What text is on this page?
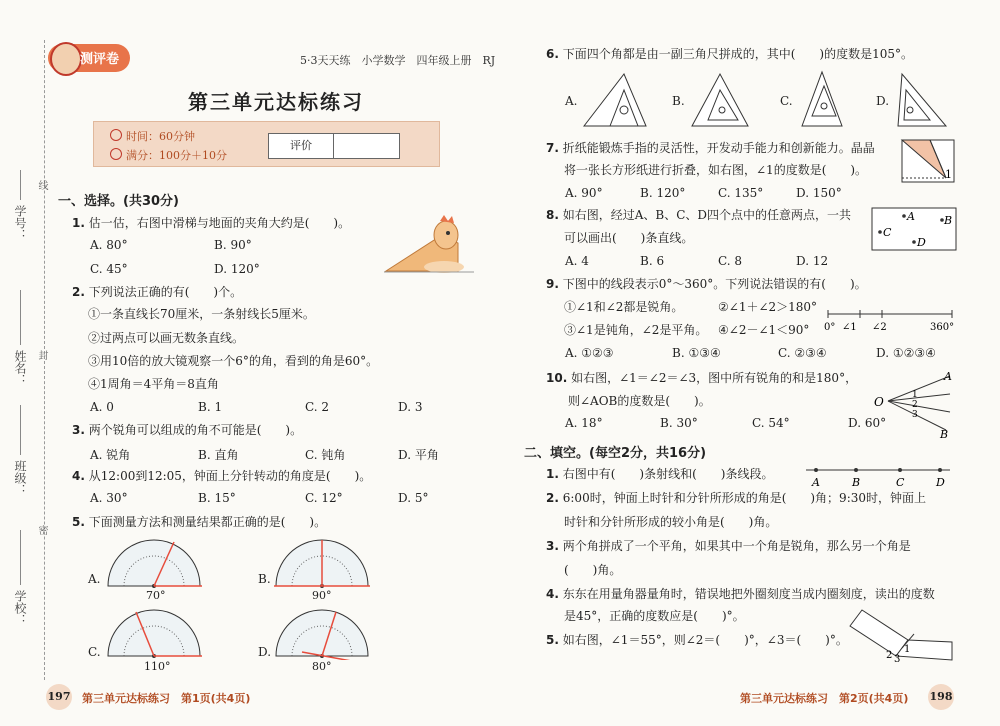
学号：
姓名：
班级：
学校：
线
封
密
测评卷	5·3天天练　小学数学　四年级上册　RJ
第三单元达标练习
时间：60分钟
满分：100分＋10分
评价
一、选择。(共30分)
1. 估一估，右图中滑梯与地面的夹角大约是(　　)。
A. 80°	B. 90°
C. 45°	D. 120°
2. 下列说法正确的有(　　)个。
①一条直线长70厘米，一条射线长5厘米。
②过两点可以画无数条直线。
③用10倍的放大镜观察一个6°的角，看到的角是60°。
④1周角＝4平角＝8直角
A. 0	B. 1	C. 2	D. 3
3. 两个锐角可以组成的角不可能是(　　)。
A. 锐角	B. 直角	C. 钝角	D. 平角
4. 从12:00到12:05，钟面上分针转动的角度是(　　)。
A. 30°	B. 15°	C. 12°	D. 5°
5. 下面测量方法和测量结果都正确的是(　　)。
A.
70°
B.
90°
C.
110°
D.
80°
6. 下面四个角都是由一副三角尺拼成的，其中(　　)的度数是105°。
A.	B.	C.	D.
7. 折纸能锻炼手指的灵活性，开发动手能力和创新能力。晶晶
将一张长方形纸进行折叠，如右图，∠1的度数是(　　)。
A. 90°	B. 120°	C. 135°	D. 150°
1
8. 如右图，经过A、B、C、D四个点中的任意两点，一共
可以画出(　　)条直线。
A. 4	B. 6	C. 8	D. 12
A	B
C
D
9. 下图中的线段表示0°～360°。下列说法错误的有(　　)。
①∠1和∠2都是锐角。	②∠1＋∠2＞180°
③∠1是钝角，∠2是平角。 ④∠2－∠1＜90° 0° ∠1 ∠2	360°
A. ①②③	B. ①③④	C. ②③④	D. ①②③④
10. 如右图，∠1＝∠2＝∠3，图中所有锐角的和是180°，
则∠AOB的度数是(　　)。
A. 18°	B. 30°	C. 54°	D. 60°
O
A
B
1
2
3
二、填空。(每空2分，共16分)
1. 右图中有(　　)条射线和(　　)条线段。
A	B	C	D
2. 6:00时，钟面上时针和分针所形成的角是(　　)角；9:30时，钟面上
时针和分针所形成的较小角是(　　)角。
3. 两个角拼成了一个平角，如果其中一个角是锐角，那么另一个角是
(　　)角。
4. 东东在用量角器量角时，错误地把外圈刻度当成内圈刻度，读出的度数
是45°，正确的度数应是(　　)°。
5. 如右图，∠1＝55°，则∠2＝(　　)°，∠3＝(　　)°。
2 3
1
197 第三单元达标练习　第1页(共4页)	第三单元达标练习　第2页(共4页) 198
